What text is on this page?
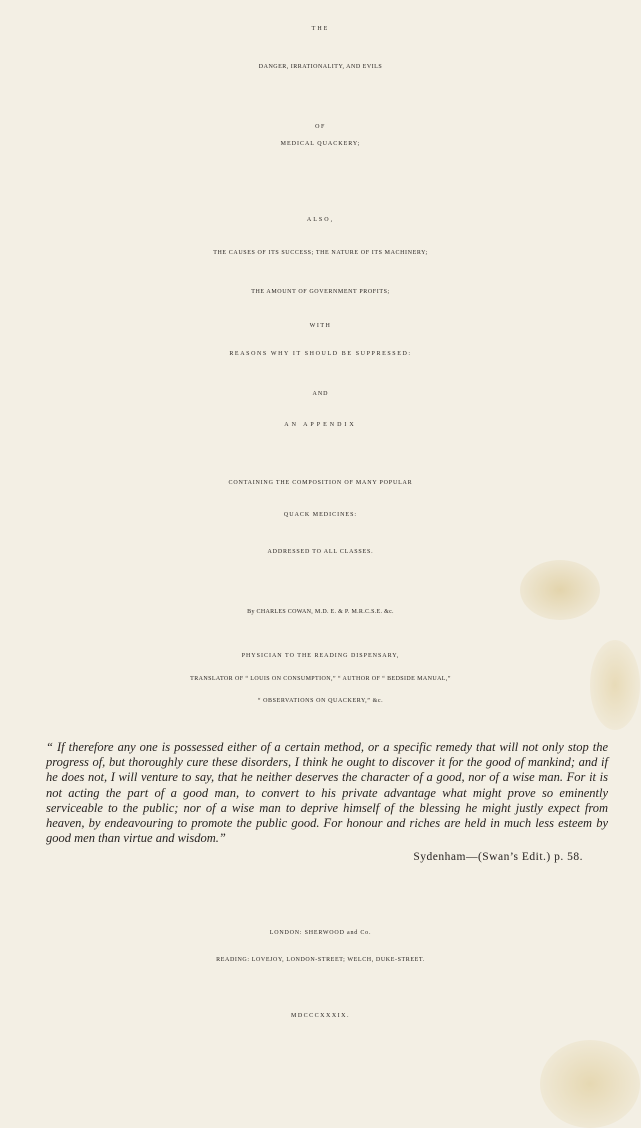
THE
DANGER, IRRATIONALITY, AND EVILS
OF
MEDICAL QUACKERY;
ALSO,
THE CAUSES OF ITS SUCCESS; THE NATURE OF ITS MACHINERY;
THE AMOUNT OF GOVERNMENT PROFITS;
WITH
REASONS WHY IT SHOULD BE SUPPRESSED:
AND
AN APPENDIX
CONTAINING THE COMPOSITION OF MANY POPULAR
QUACK MEDICINES:
ADDRESSED TO ALL CLASSES.
By CHARLES COWAN, M.D. E. & P. M.R.C.S.E. &c.
PHYSICIAN TO THE READING DISPENSARY,
TRANSLATOR OF “ LOUIS ON CONSUMPTION,” “ AUTHOR OF “ BEDSIDE MANUAL,”
“ OBSERVATIONS ON QUACKERY,” &c.
“ If therefore any one is possessed either of a certain method, or a specific remedy that will not only stop the progress of, but thoroughly cure these disorders, I think he ought to discover it for the good of mankind; and if he does not, I will venture to say, that he neither deserves the character of a good, nor of a wise man. For it is not acting the part of a good man, to convert to his private advantage what might prove so eminently serviceable to the public; nor of a wise man to deprive himself of the blessing he might justly expect from heaven, by endeavouring to promote the public good. For honour and riches are held in much less esteem by good men than virtue and wisdom.”
Sydenham—(Swan’s Edit.) p. 58.
LONDON: SHERWOOD and Co.
READING: LOVEJOY, LONDON-STREET; WELCH, DUKE-STREET.
MDCCCXXXIX.
